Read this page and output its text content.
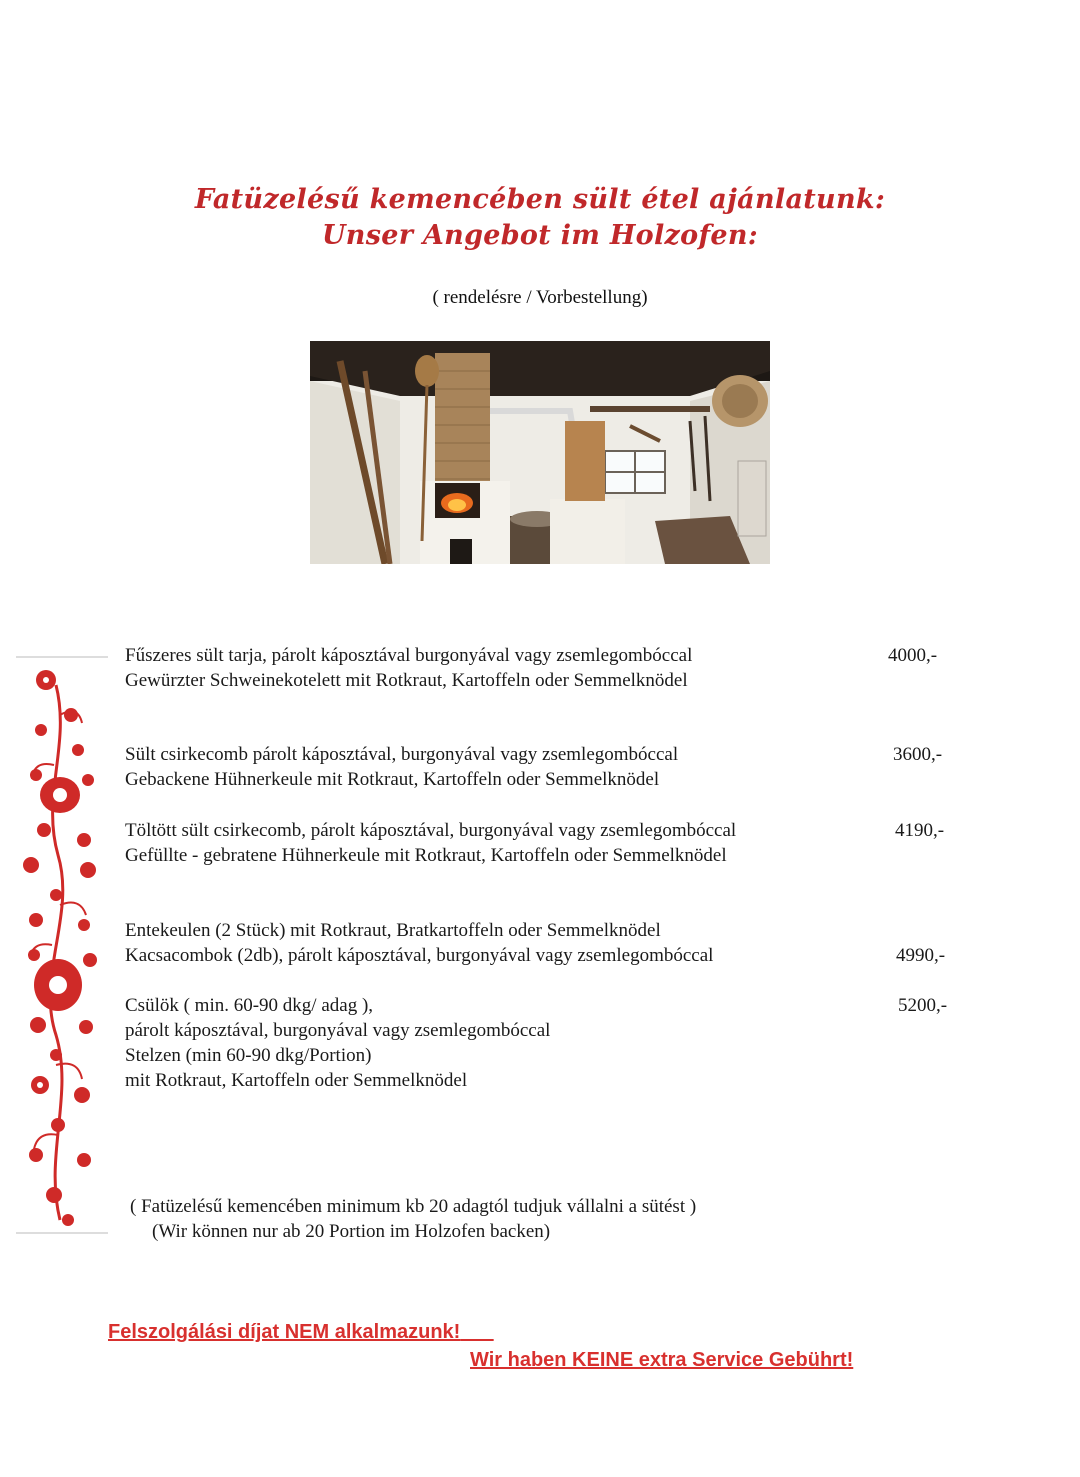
Fatüzelésű kemencében sült étel ajánlatunk:
Unser Angebot im Holzofen:
( rendelésre / Vorbestellung)
Fűszeres sült tarja, párolt káposztával burgonyával vagy zsemlegombóccal
Gewürzter Schweinekotelett mit Rotkraut, Kartoffeln oder Semmelknödel
4000,-
Sült csirkecomb párolt káposztával, burgonyával vagy zsemlegombóccal
Gebackene Hühnerkeule mit Rotkraut, Kartoffeln oder Semmelknödel
3600,-
Töltött sült csirkecomb, párolt káposztával, burgonyával vagy zsemlegombóccal
Gefüllte - gebratene Hühnerkeule mit Rotkraut, Kartoffeln oder Semmelknödel
4190,-
Entekeulen (2 Stück) mit Rotkraut, Bratkartoffeln oder Semmelknödel
Kacsacombok (2db), párolt káposztával, burgonyával vagy zsemlegombóccal	4990,-
Csülök ( min. 60-90 dkg/ adag ),
párolt káposztával, burgonyával vagy zsemlegombóccal
Stelzen (min 60-90 dkg/Portion)
mit Rotkraut, Kartoffeln oder Semmelknödel
5200,-
( Fatüzelésű kemencében minimum kb 20 adagtól tudjuk vállalni a sütést )
(Wir können nur ab 20 Portion im Holzofen backen)
Felszolgálási díjat NEM alkalmazunk!
Wir haben KEINE extra Service Gebührt!
